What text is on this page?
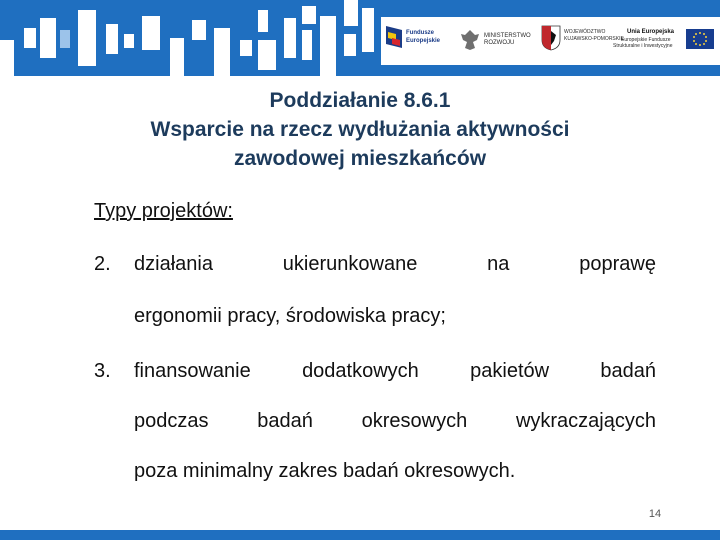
Fundusze
Europejskie
MINISTERSTWO
ROZWOJU
WOJEWÓDZTWO
KUJAWSKO-POMORSKIE
Unia Europejska
Europejskie Fundusze
Strukturalne i Inwestycyjne
Poddziałanie 8.6.1
Wsparcie na rzecz wydłużania aktywności
zawodowej mieszkańców
Typy projektów:
2. działania	ukierunkowane	na	poprawę
ergonomii pracy, środowiska pracy;
3. finansowanie	dodatkowych	pakietów	badań
podczas badań okresowych wykraczających
poza minimalny zakres badań okresowych.
14
